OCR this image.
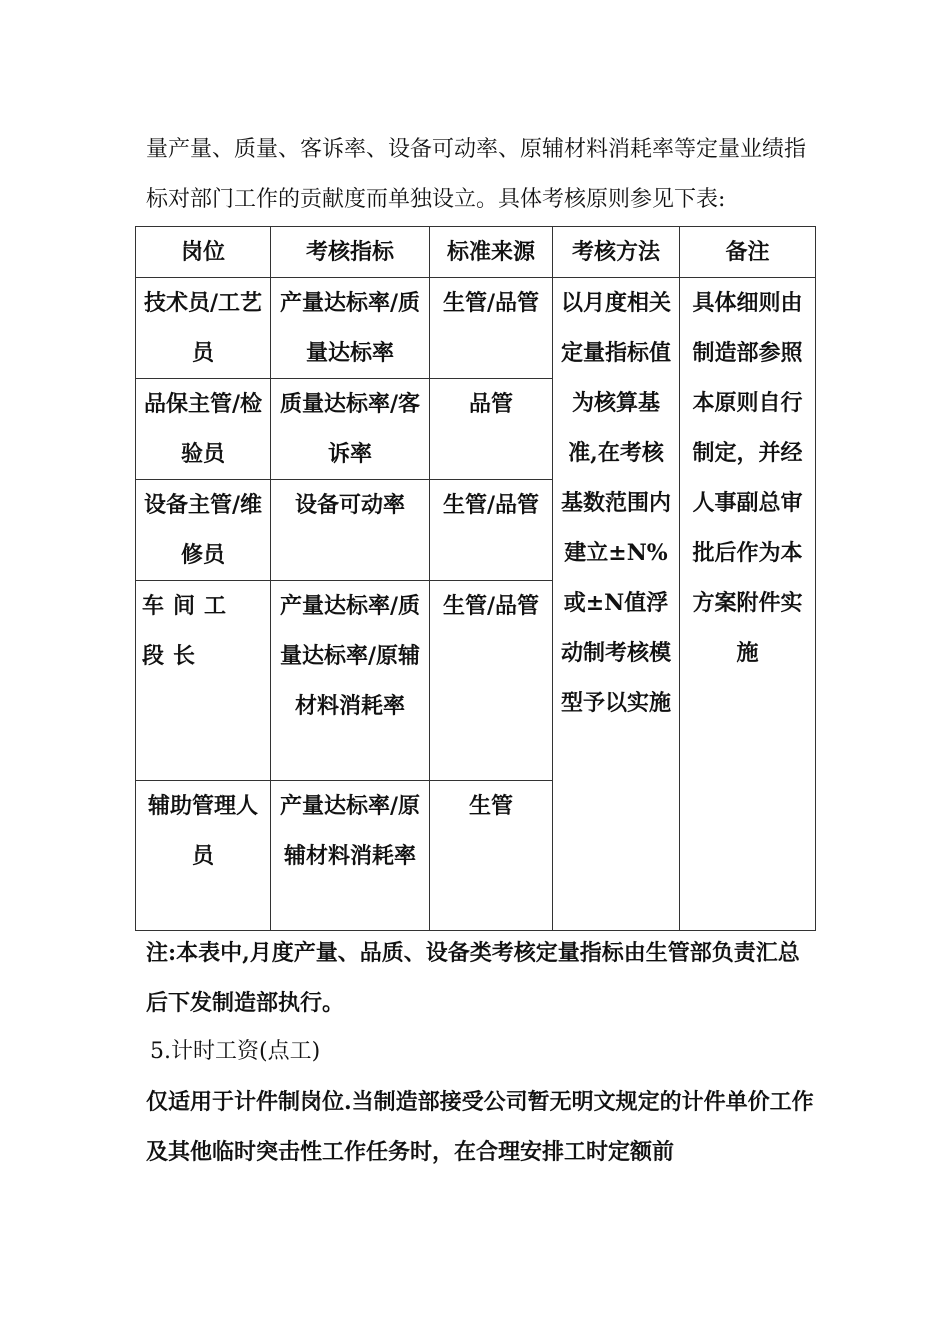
量产量、质量、客诉率、设备可动率、原辅材料消耗率等定量业绩指标对部门工作的贡献度而单独设立。具体考核原则参见下表:

岗位	考核指标	标准来源	考核方法	备注
技术员/工艺员	产量达标率/质量达标率	生管/品管	以月度相关定量指标值为核算基准,在考核基数范围内建立±N%或±N值浮动制考核模 型予以实施	具体细则由制造部参照本原则自行制定，并经人事副总审批后作为本方案附件实施
品保主管/检验员	质量达标率/客诉率	品管		
设备主管/维修员	设备可动率	生管/品管		
车间工段长	产量达标率/质量达标率/原辅材料消耗率	生管/品管		
辅助管理人员	产量达标率/原辅材料消耗率	生管		

注:本表中,月度产量、品质、设备类考核定量指标由生管部负责汇总后下发制造部执行。

5.计时工资(点工)

仅适用于计件制岗位.当制造部接受公司暂无明文规定的计件单价工作及其他临时突击性工作任务时，在合理安排工时定额前
